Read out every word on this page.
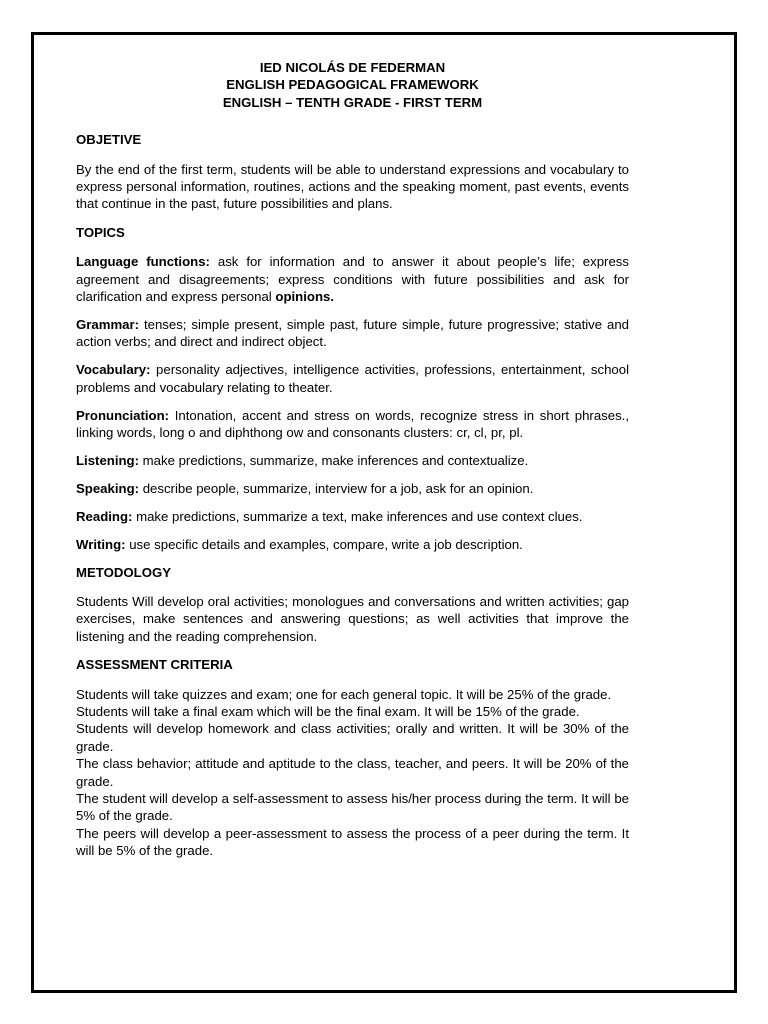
IED NICOLÁS DE FEDERMAN
ENGLISH PEDAGOGICAL FRAMEWORK
ENGLISH – TENTH GRADE - FIRST TERM
OBJETIVE

By the end of the first term, students will be able to understand expressions and vocabulary to express personal information, routines, actions and the speaking moment, past events, events that continue in the past, future possibilities and plans.

TOPICS
Language functions: ask for information and to answer it about people’s life; express agreement and disagreements; express conditions with future possibilities and ask for clarification and express personal opinions.
Grammar: tenses; simple present, simple past, future simple, future progressive; stative and action verbs; and direct and indirect object.
Vocabulary: personality adjectives, intelligence activities, professions, entertainment, school problems and vocabulary relating to theater.
Pronunciation: Intonation, accent and stress on words, recognize stress in short phrases., linking words, long o and diphthong ow and consonants clusters: cr, cl, pr, pl.
Listening: make predictions, summarize, make inferences and contextualize.
Speaking: describe people, summarize, interview for a job, ask for an opinion.
Reading: make predictions, summarize a text, make inferences and use context clues.
Writing: use specific details and examples, compare, write a job description.
METODOLOGY

Students Will develop oral activities; monologues and conversations and written activities; gap exercises, make sentences and answering questions; as well activities that improve the listening and the reading comprehension.

ASSESSMENT CRITERIA
Students will take quizzes and exam; one for each general topic. It will be 25% of the grade.
Students will take a final exam which will be the final exam. It will be 15% of the grade.
Students will develop homework and class activities; orally and written. It will be 30% of the grade.
The class behavior; attitude and aptitude to the class, teacher, and peers. It will be 20% of the grade.
The student will develop a self-assessment to assess his/her process during the term. It will be 5% of the grade.
The peers will develop a peer-assessment to assess the process of a peer during the term. It will be 5% of the grade.
